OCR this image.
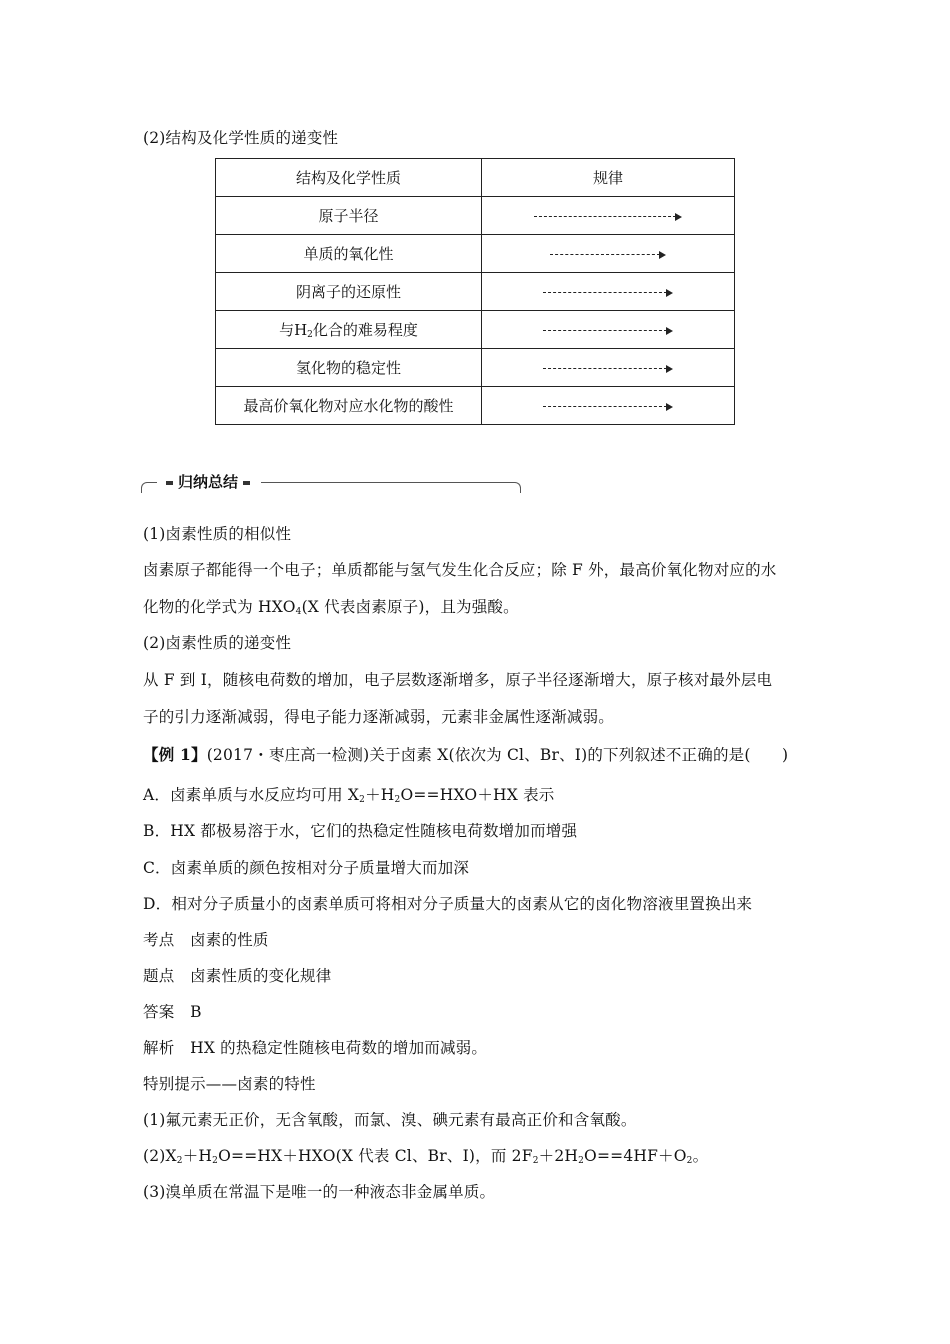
(2)结构及化学性质的递变性
结构及化学性质	规律
原子半径	

单质的氧化性	

阴离子的还原性	

与$H_2$化合的难易程度	

氢化物的稳定性	

最高价氧化物对应水化物的酸性	
归纳总结
(1)卤素性质的相似性
卤素原子都能得一个电子；单质都能与氢气发生化合反应；除 F 外，最高价氧化物对应的水
化物的化学式为 $HXO_4(X$ 代表卤素原子)，且为强酸。
(2)卤素性质的递变性
从 F 到 I，随核电荷数的增加，电子层数逐渐增多，原子半径逐渐增大，原子核对最外层电
子的引力逐渐减弱，得电子能力逐渐减弱，元素非金属性逐渐减弱。
【例 1】(2017・枣庄高一检测)关于卤素 X(依次为 Cl、Br、I)的下列叙述不正确的是(　　)
A．卤素单质与水反应均可用 $X_2+H_2O==HXO+HX$ 表示
B．HX 都极易溶于水，它们的热稳定性随核电荷数增加而增强
C．卤素单质的颜色按相对分子质量增大而加深
D．相对分子质量小的卤素单质可将相对分子质量大的卤素从它的卤化物溶液里置换出来
考点　卤素的性质
题点　卤素性质的变化规律
答案　B
解析　HX 的热稳定性随核电荷数的增加而减弱。
特别提示——卤素的特性
(1)氟元素无正价，无含氧酸，而氯、溴、碘元素有最高正价和含氧酸。
$(2)X_2+H_2O==HX+HXO(X$ 代表 Cl、Br、I)，而 $2F_2+2H_2O==4HF+O_2$。
(3)溴单质在常温下是唯一的一种液态非金属单质。
